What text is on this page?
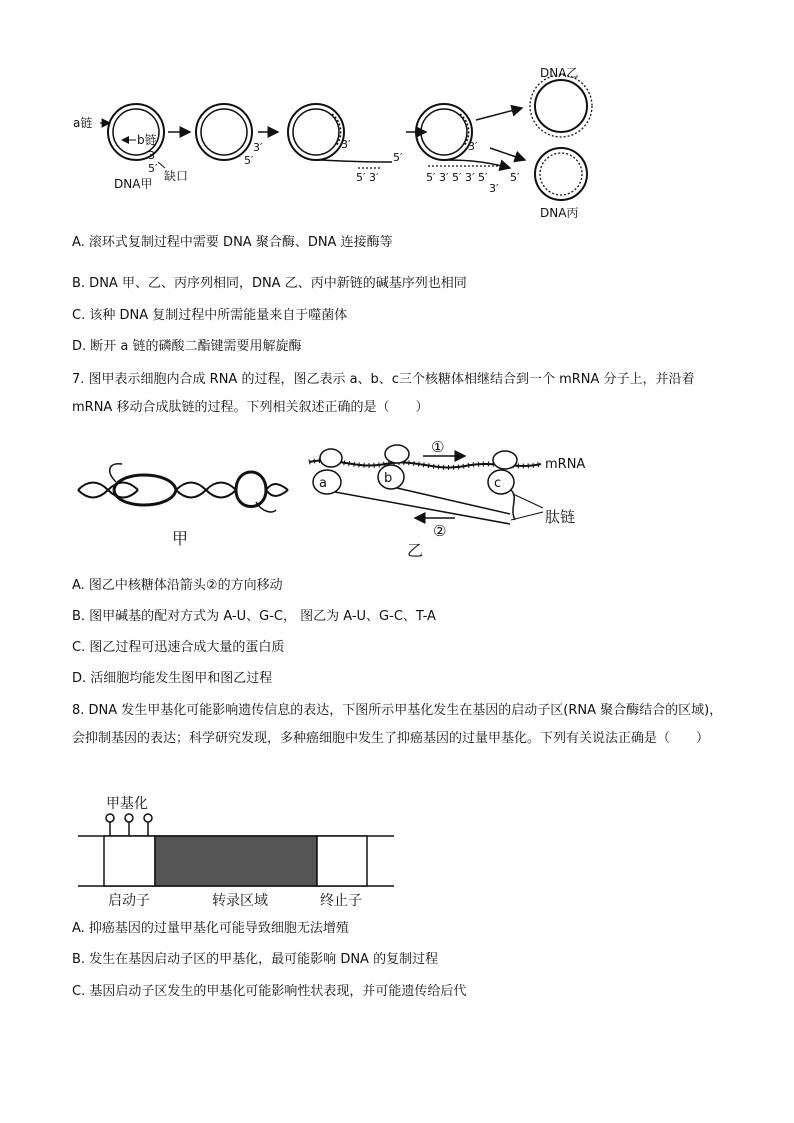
a链
b链
3′
5′
缺口
DNA甲
3′
5′
3′
5′
5′ 3′
3′
5′ 3′ 5′ 3′ 5′ 5′
3′
DNA乙
DNA丙
A. 滚环式复制过程中需要 DNA 聚合酶、DNA 连接酶等
B. DNA 甲、乙、丙序列相同，DNA 乙、丙中新链的碱基序列也相同
C. 该种 DNA 复制过程中所需能量来自于噬菌体
D. 断开 a 链的磷酸二酯键需要用解旋酶
7. 图甲表示细胞内合成 RNA 的过程，图乙表示 a、b、c三个核糖体相继结合到一个 mRNA 分子上，并沿着 mRNA 移动合成肽链的过程。下列相关叙述正确的是（　　）
甲
mRNA
①
②
a	b	c
肽链
乙
A. 图乙中核糖体沿箭头②的方向移动
B. 图甲碱基的配对方式为 A-U、G-C， 图乙为 A-U、G-C、T-A
C. 图乙过程可迅速合成大量的蛋白质
D. 活细胞均能发生图甲和图乙过程
8. DNA 发生甲基化可能影响遗传信息的表达，下图所示甲基化发生在基因的启动子区(RNA 聚合酶结合的区域)，会抑制基因的表达；科学研究发现，多种癌细胞中发生了抑癌基因的过量甲基化。下列有关说法正确是（　　）
甲基化
启动子	转录区域	终止子
A. 抑癌基因的过量甲基化可能导致细胞无法增殖
B. 发生在基因启动子区的甲基化，最可能影响 DNA 的复制过程
C. 基因启动子区发生的甲基化可能影响性状表现，并可能遗传给后代
